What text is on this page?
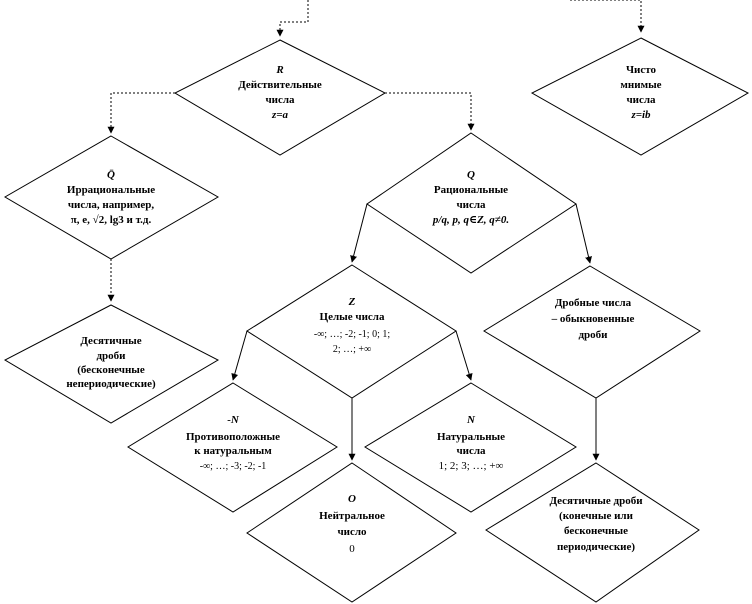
R
Действительные
числа
z=a
Чисто
мнимые
числа
z=ib
Q̄
Иррациональные
числа, например,
π, e, √2, lg3 и т.д.
Q
Рациональные
числа
p/q, p, q∈Z, q≠0.
Десятичные
дроби
(бесконечные
непериодические)
Z
Целые числа
-∞; …; -2; -1; 0; 1;
2; …; +∞
Дробные числа
– обыкновенные
дроби
-N
Противоположные
к натуральным
-∞; …; -3; -2; -1
N
Натуральные
числа
1; 2; 3; …; +∞
O
Нейтральное
число
0
Десятичные дроби
(конечные или
бесконечные
периодические)
